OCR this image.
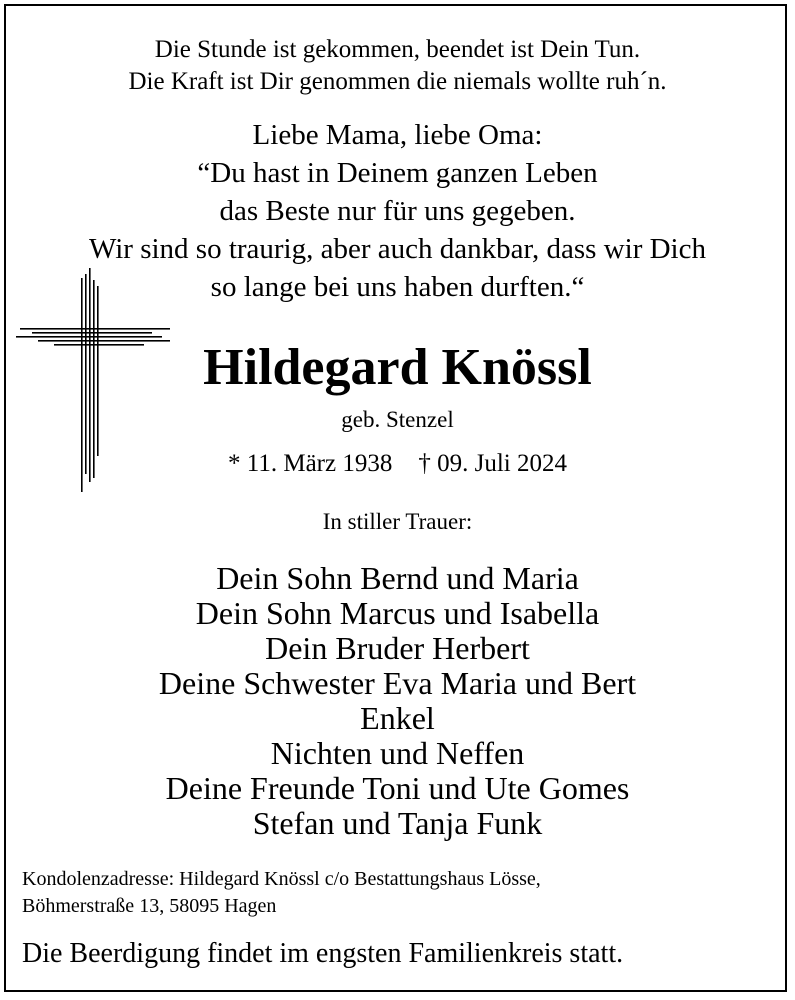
Die Stunde ist gekommen, beendet ist Dein Tun.
Die Kraft ist Dir genommen die niemals wollte ruh´n.
Liebe Mama, liebe Oma:
“Du hast in Deinem ganzen Leben
das Beste nur für uns gegeben.
Wir sind so traurig, aber auch dankbar, dass wir Dich
so lange bei uns haben durften.“
Hildegard Knössl
geb. Stenzel
* 11. März 1938 † 09. Juli 2024
In stiller Trauer:
Dein Sohn Bernd und Maria
Dein Sohn Marcus und Isabella
Dein Bruder Herbert
Deine Schwester Eva Maria und Bert
Enkel
Nichten und Neffen
Deine Freunde Toni und Ute Gomes
Stefan und Tanja Funk
Kondolenzadresse: Hildegard Knössl c/o Bestattungshaus Lösse,
Böhmerstraße 13, 58095 Hagen
Die Beerdigung findet im engsten Familienkreis statt.
